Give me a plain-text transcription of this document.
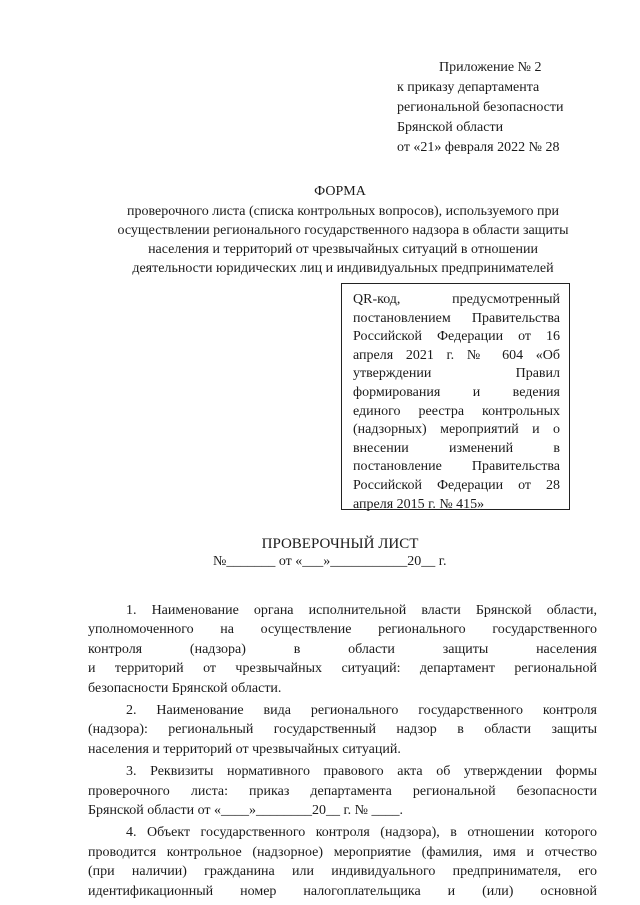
Приложение № 2
к приказу департамента
региональной безопасности
Брянской области
от «21» февраля 2022 № 28
ФОРМА
проверочного листа (списка контрольных вопросов), используемого при
осуществлении регионального государственного надзора в области защиты
населения и территорий от чрезвычайных ситуаций в отношении
деятельности юридических лиц и индивидуальных предпринимателей
QR-код, предусмотренный
постановлением Правительства
Российской Федерации от 16
апреля 2021 г. № 604 «Об
утверждении Правил
формирования и ведения
единого реестра контрольных
(надзорных) мероприятий и о
внесении изменений в
постановление Правительства
Российской Федерации от 28
апреля 2015 г. № 415»
ПРОВЕРОЧНЫЙ ЛИСТ
№_______ от «___»___________20__ г.
1. Наименование органа исполнительной власти Брянской области,
уполномоченного на осуществление регионального государственного
контроля (надзора) в области защиты населения
и территорий от чрезвычайных ситуаций: департамент региональной
безопасности Брянской области.
2. Наименование вида регионального государственного контроля
(надзора): региональный государственный надзор в области защиты
населения и территорий от чрезвычайных ситуаций.
3. Реквизиты нормативного правового акта об утверждении формы
проверочного листа: приказ департамента региональной безопасности
Брянской области от «____»________20__ г. № ____.
4. Объект государственного контроля (надзора), в отношении которого
проводится контрольное (надзорное) мероприятие (фамилия, имя и отчество
(при наличии) гражданина или индивидуального предпринимателя, его
идентификационный номер налогоплательщика и (или) основной
